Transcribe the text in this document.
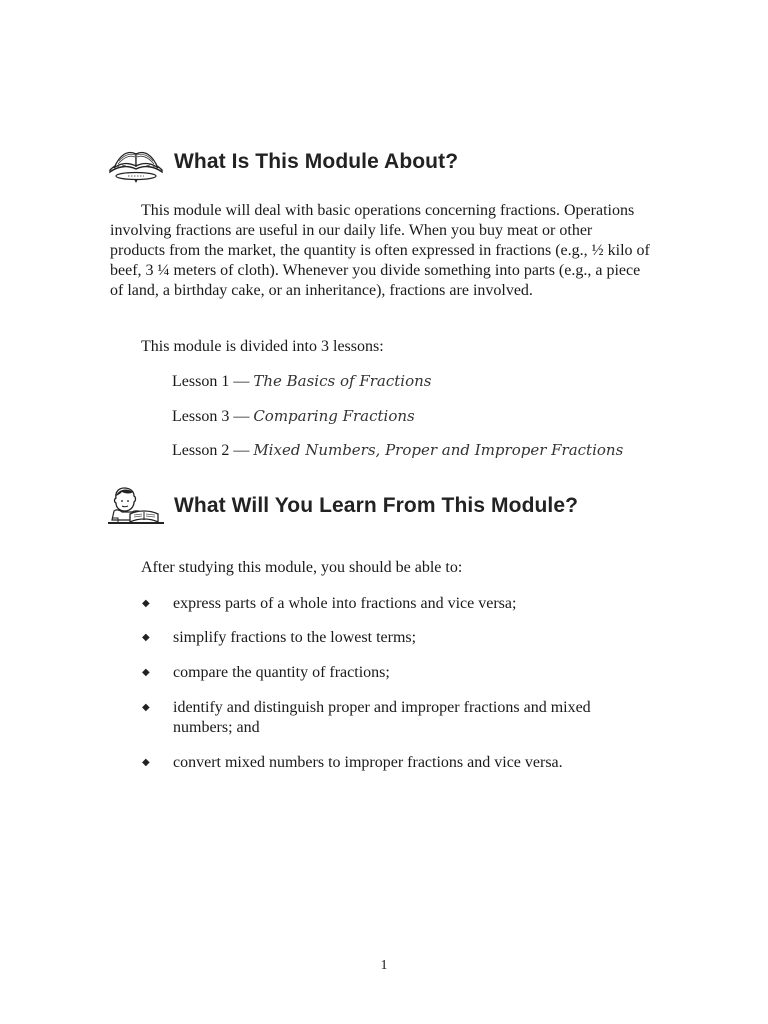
What Is This Module About?

This module will deal with basic operations concerning fractions. Operations involving fractions are useful in our daily life. When you buy meat or other products from the market, the quantity is often expressed in fractions (e.g., ½ kilo of beef, 3 ¼ meters of cloth). Whenever you divide something into parts (e.g., a piece of land, a birthday cake, or an inheritance), fractions are involved.

This module is divided into 3 lessons:

Lesson 1 — The Basics of Fractions

Lesson 3 — Comparing Fractions

Lesson 2 — Mixed Numbers, Proper and Improper Fractions

What Will You Learn From This Module?

After studying this module, you should be able to:

◆	express parts of a whole into fractions and vice versa;
◆	simplify fractions to the lowest terms;
◆	compare the quantity of fractions;
◆	identify and distinguish proper and improper fractions and mixed numbers; and
◆	convert mixed numbers to improper fractions and vice versa.

1
